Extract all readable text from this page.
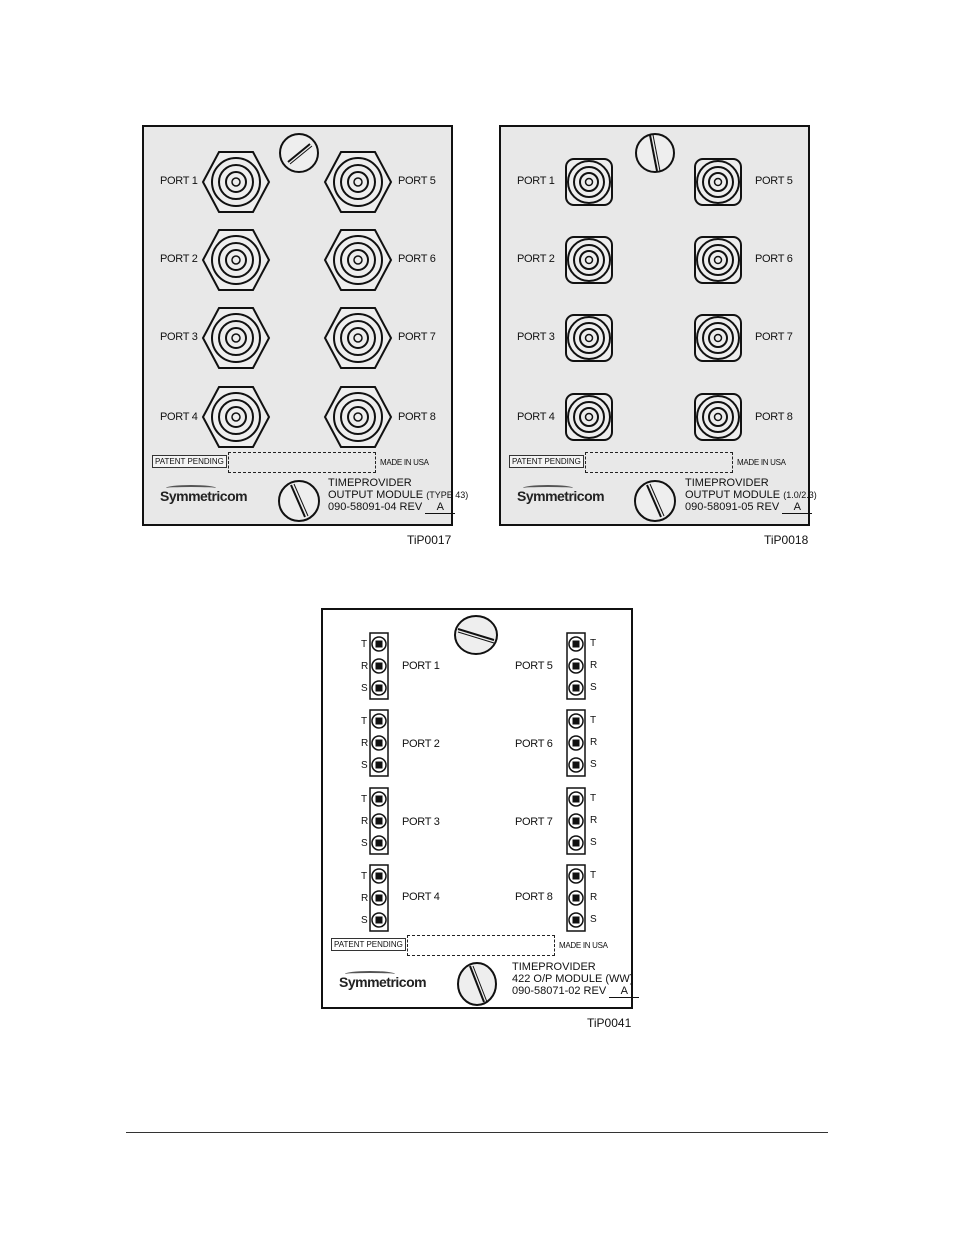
PORT 1
PORT 2
PORT 3
PORT 4
PORT 5
PORT 6
PORT 7
PORT 8
PATENT PENDING	MADE IN USA
Symmetricom
TIMEPROVIDER
OUTPUT MODULE (TYPE 43)
090-58091-04 REV A
TiP0017
PORT 1
PORT 2
PORT 3
PORT 4
PORT 5
PORT 6
PORT 7
PORT 8
PATENT PENDING	MADE IN USA
Symmetricom
TIMEPROVIDER
OUTPUT MODULE (1.0/2.3)
090-58091-05 REV A
TiP0018
T
R
S
T
R
S
T
R
S
T
R
S
T
R
S
T
R
S
T
R
S
T
R
S
PORT 1
PORT 2
PORT 3
PORT 4
PORT 5
PORT 6
PORT 7
PORT 8
PATENT PENDING	MADE IN USA
Symmetricom
TIMEPROVIDER
422 O/P MODULE (WW)
090-58071-02 REV A
TiP0041
